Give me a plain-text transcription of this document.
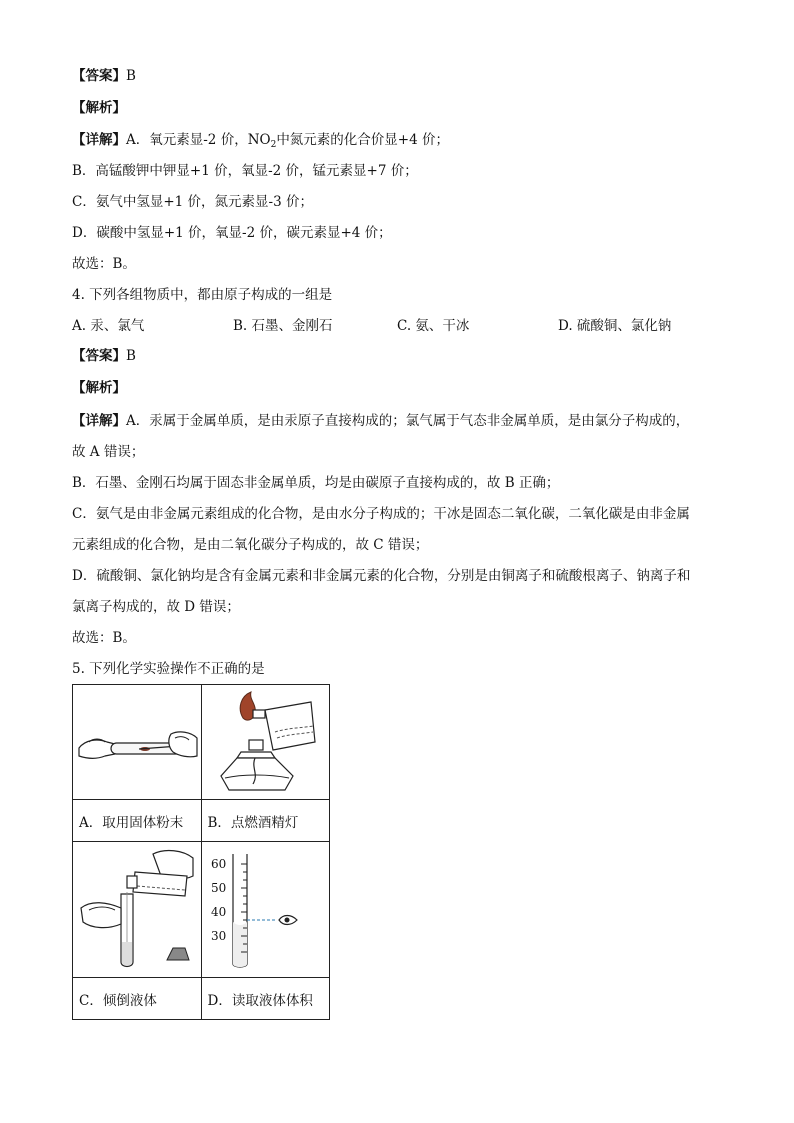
【答案】B
【解析】
【详解】A．氧元素显-2 价，$NO_2$中氮元素的化合价显+4 价；
B．高锰酸钾中钾显+1 价，氧显-2 价，锰元素显+7 价；
C．氨气中氢显+1 价，氮元素显-3 价；
D．碳酸中氢显+1 价，氧显-2 价，碳元素显+4 价；
故选：B。
4. 下列各组物质中，都由原子构成的一组是
A. 汞、氯气	B. 石墨、金刚石	C. 氨、干冰	D. 硫酸铜、氯化钠
【答案】B
【解析】
【详解】A．汞属于金属单质，是由汞原子直接构成的；氯气属于气态非金属单质，是由氯分子构成的，
故 A 错误；
B．石墨、金刚石均属于固态非金属单质，均是由碳原子直接构成的，故 B 正确；
C．氨气是由非金属元素组成的化合物，是由水分子构成的；干冰是固态二氧化碳，二氧化碳是由非金属
元素组成的化合物，是由二氧化碳分子构成的，故 C 错误；
D．硫酸铜、氯化钠均是含有金属元素和非金属元素的化合物，分别是由铜离子和硫酸根离子、钠离子和
氯离子构成的，故 D 错误；
故选：B。
5. 下列化学实验操作不正确的是

A．取用固体粉末	B．点燃酒精灯

60
50
40
30

C．倾倒液体	D．读取液体体积
